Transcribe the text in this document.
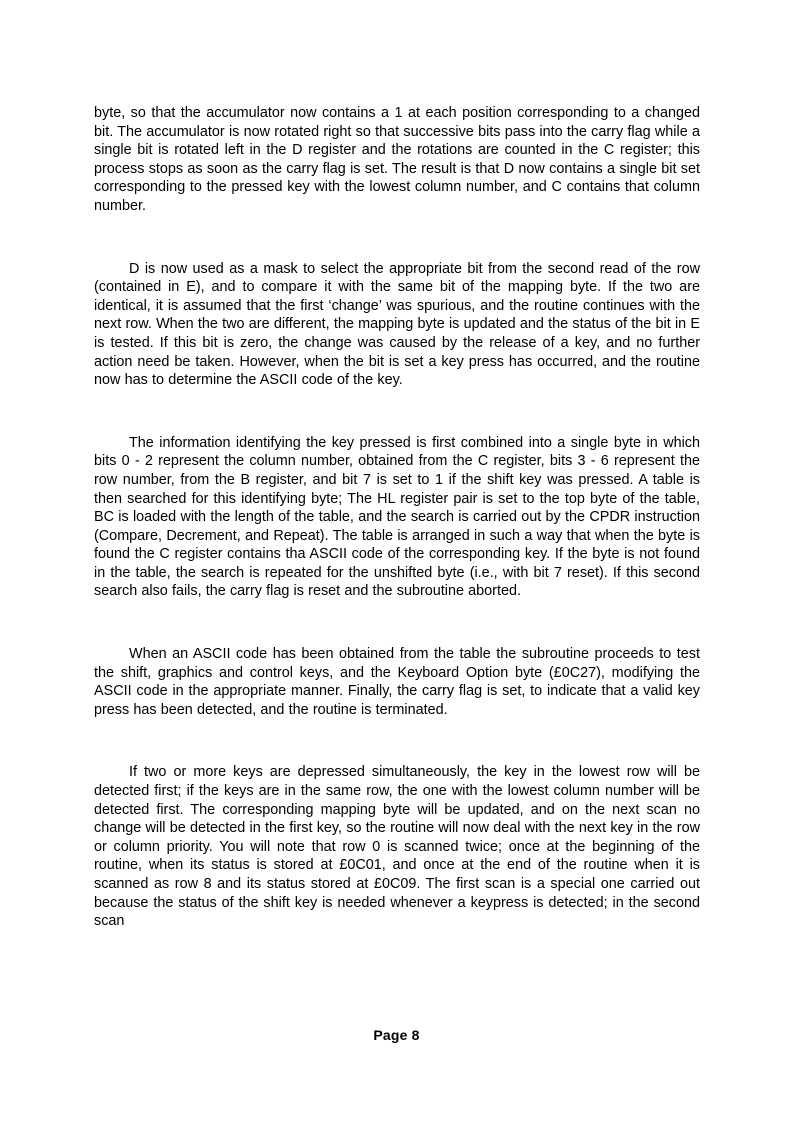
byte, so that the accumulator now contains a 1 at each position corresponding to a changed bit. The accumulator is now rotated right so that successive bits pass into the carry flag while a single bit is rotated left in the D register and the rotations are counted in the C register; this process stops as soon as the carry flag is set. The result is that D now contains a single bit set corresponding to the pressed key with the lowest column number, and C contains that column number.

D is now used as a mask to select the appropriate bit from the second read of the row (contained in E), and to compare it with the same bit of the mapping byte. If the two are identical, it is assumed that the first ‘change’ was spurious, and the routine continues with the next row. When the two are different, the mapping byte is updated and the status of the bit in E is tested. If this bit is zero, the change was caused by the release of a key, and no further action need be taken. However, when the bit is set a key press has occurred, and the routine now has to determine the ASCII code of the key.

The information identifying the key pressed is first combined into a single byte in which bits 0 - 2 represent the column number, obtained from the C register, bits 3 - 6 represent the row number, from the B register, and bit 7 is set to 1 if the shift key was pressed. A table is then searched for this identifying byte; The HL register pair is set to the top byte of the table, BC is loaded with the length of the table, and the search is carried out by the CPDR instruction (Compare, Decrement, and Repeat). The table is arranged in such a way that when the byte is found the C register contains tha ASCII code of the corresponding key. If the byte is not found in the table, the search is repeated for the unshifted byte (i.e., with bit 7 reset). If this second search also fails, the carry flag is reset and the subroutine aborted.

When an ASCII code has been obtained from the table the subroutine proceeds to test the shift, graphics and control keys, and the Keyboard Option byte (£0C27), modifying the ASCII code in the appropriate manner. Finally, the carry flag is set, to indicate that a valid key press has been detected, and the routine is terminated.

If two or more keys are depressed simultaneously, the key in the lowest row will be detected first; if the keys are in the same row, the one with the lowest column number will be detected first. The corresponding mapping byte will be updated, and on the next scan no change will be detected in the first key, so the routine will now deal with the next key in the row or column priority. You will note that row 0 is scanned twice; once at the beginning of the routine, when its status is stored at £0C01, and once at the end of the routine when it is scanned as row 8 and its status stored at £0C09. The first scan is a special one carried out because the status of the shift key is needed whenever a keypress is detected; in the second scan

Page 8
